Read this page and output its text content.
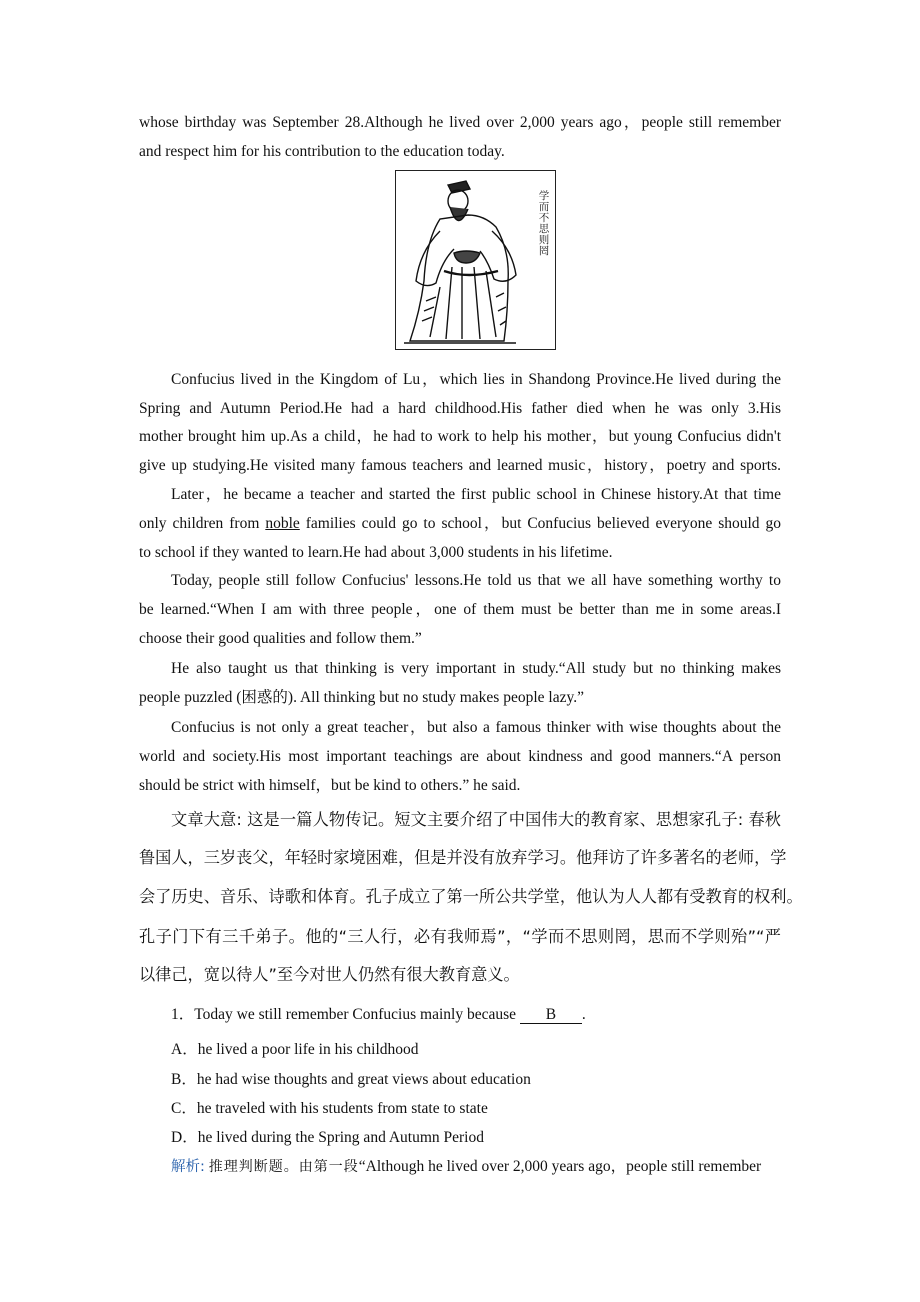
whose birthday was September 28.Although he lived over 2,000 years ago，people still remember
and respect him for his contribution to the education today.
学而不思则罔
Confucius lived in the Kingdom of Lu，which lies in Shandong Province.He lived during the
Spring and Autumn Period.He had a hard childhood.His father died when he was only 3.His
mother brought him up.As a child，he had to work to help his mother，but young Confucius didn't
give up studying.He visited many famous teachers and learned music，history，poetry and sports.
Later，he became a teacher and started the first public school in Chinese history.At that time
only children from noble families could go to school，but Confucius believed everyone should go
to school if they wanted to learn.He had about 3,000 students in his lifetime.
Today, people still follow Confucius' lessons.He told us that we all have something worthy to
be learned.“When I am with three people，one of them must be better than me in some areas.I
choose their good qualities and follow them.”
He also taught us that thinking is very important in study.“All study but no thinking makes
people puzzled (困惑的). All thinking but no study makes people lazy.”
Confucius is not only a great teacher，but also a famous thinker with wise thoughts about the
world and society.His most important teachings are about kindness and good manners.“A person
should be strict with himself，but be kind to others.” he said.
文章大意: 这是一篇人物传记。短文主要介绍了中国伟大的教育家、思想家孔子: 春秋
鲁国人，三岁丧父，年轻时家境困难，但是并没有放弃学习。他拜访了许多著名的老师，学
会了历史、音乐、诗歌和体育。孔子成立了第一所公共学堂，他认为人人都有受教育的权利。
孔子门下有三千弟子。他的“三人行，必有我师焉”，“学而不思则罔，思而不学则殆”“严
以律己，宽以待人”至今对世人仍然有很大教育意义。
1．Today we still remember Confucius mainly because B .
A．he lived a poor life in his childhood
B．he had wise thoughts and great views about education
C．he traveled with his students from state to state
D．he lived during the Spring and Autumn Period
解析: 推理判断题。由第一段“Although he lived over 2,000 years ago，people still remember
